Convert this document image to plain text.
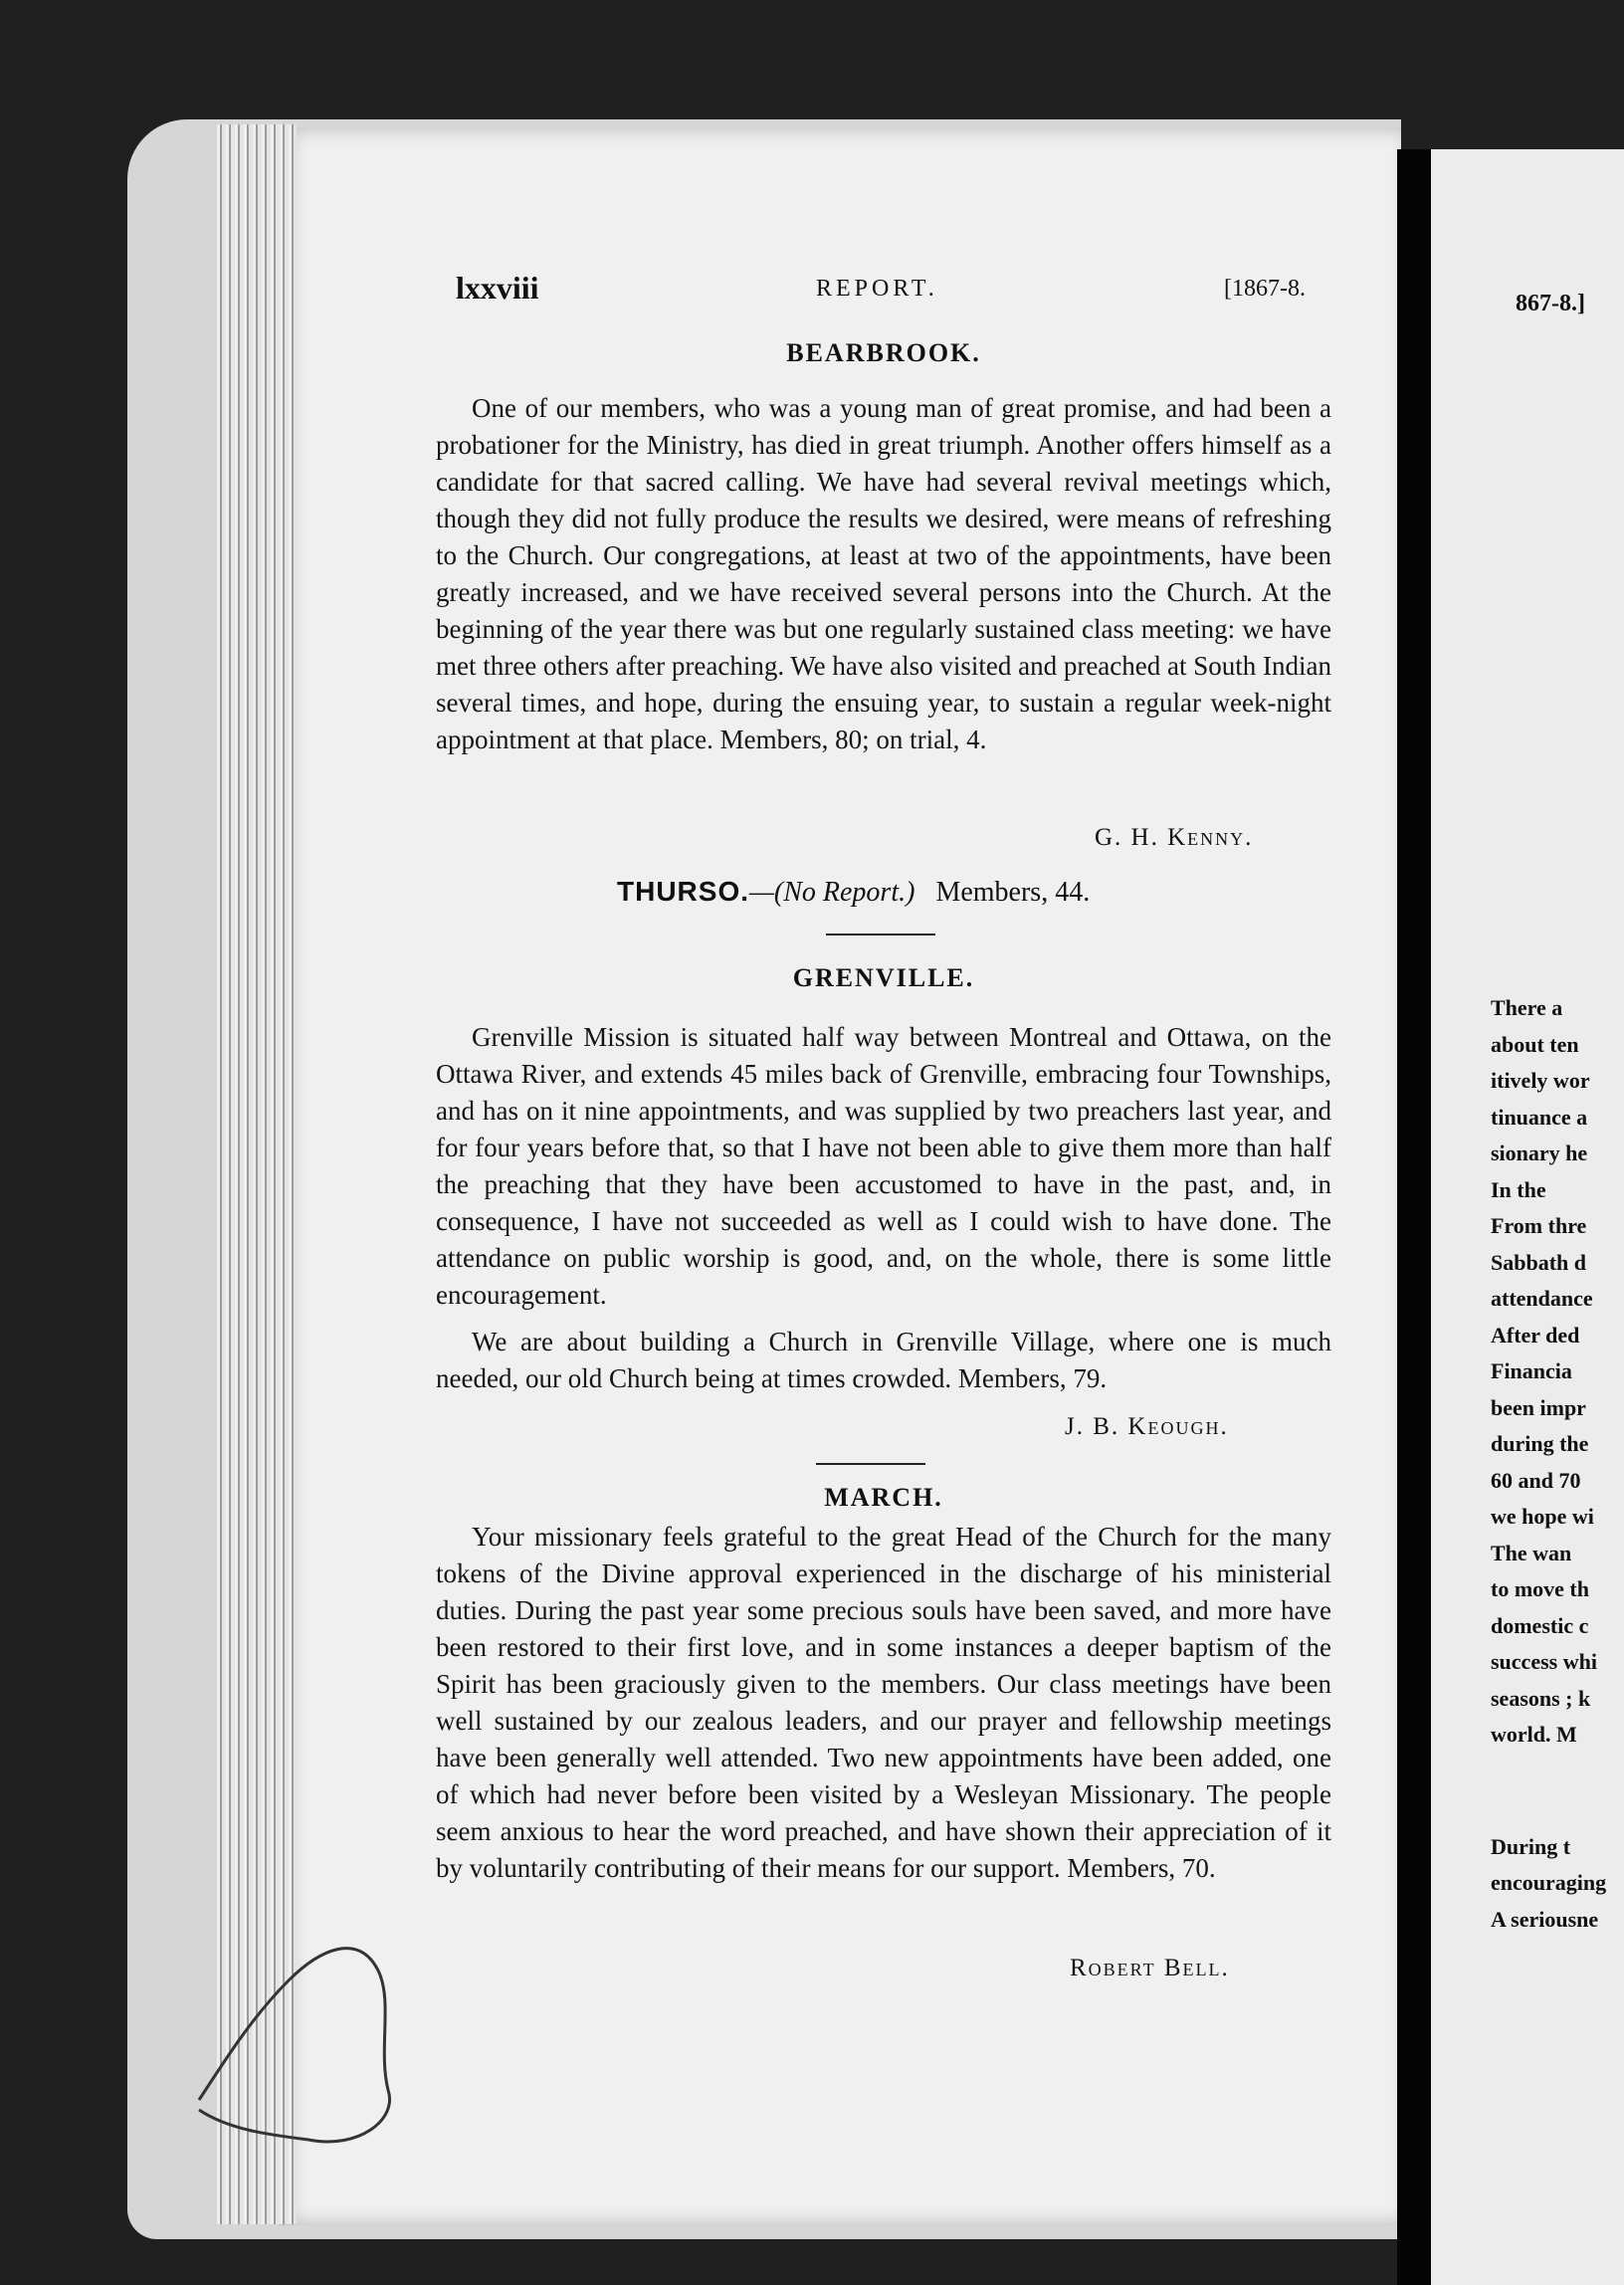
lxxviii	REPORT.	[1867-8.
BEARBROOK.

One of our members, who was a young man of great promise, and had been a probationer for the Ministry, has died in great triumph. Another offers himself as a candidate for that sacred calling. We have had several revival meetings which, though they did not fully produce the results we desired, were means of refreshing to the Church. Our congregations, at least at two of the appointments, have been greatly increased, and we have received several persons into the Church. At the beginning of the year there was but one regularly sustained class meeting: we have met three others after preaching. We have also visited and preached at South Indian several times, and hope, during the ensuing year, to sustain a regular week-night appointment at that place. Members, 80; on trial, 4.

G. H. Kenny.
THURSO.—(No Report.) Members, 44.
GRENVILLE.

Grenville Mission is situated half way between Montreal and Ottawa, on the Ottawa River, and extends 45 miles back of Grenville, embracing four Townships, and has on it nine appointments, and was supplied by two preachers last year, and for four years before that, so that I have not been able to give them more than half the preaching that they have been accustomed to have in the past, and, in consequence, I have not succeeded as well as I could wish to have done. The attendance on public worship is good, and, on the whole, there is some little encouragement.

We are about building a Church in Grenville Village, where one is much needed, our old Church being at times crowded. Members, 79.

J. B. Keough.
MARCH.

Your missionary feels grateful to the great Head of the Church for the many tokens of the Divine approval experienced in the discharge of his ministerial duties. During the past year some precious souls have been saved, and more have been restored to their first love, and in some instances a deeper baptism of the Spirit has been graciously given to the members. Our class meetings have been well sustained by our zealous leaders, and our prayer and fellowship meetings have been generally well attended. Two new appointments have been added, one of which had never before been visited by a Wesleyan Missionary. The people seem anxious to hear the word preached, and have shown their appreciation of it by voluntarily contributing of their means for our support. Members, 70.

Robert Bell.
867-8.]
There a
about ten
itively wor
tinuance a
sionary he
In the
From thre
Sabbath d
attendance
After ded
Financia
been impr
during the
60 and 70
we hope wi
The wan
to move th
domestic c
success whi
seasons ; k
world. M
During t
encouraging
A seriousne
